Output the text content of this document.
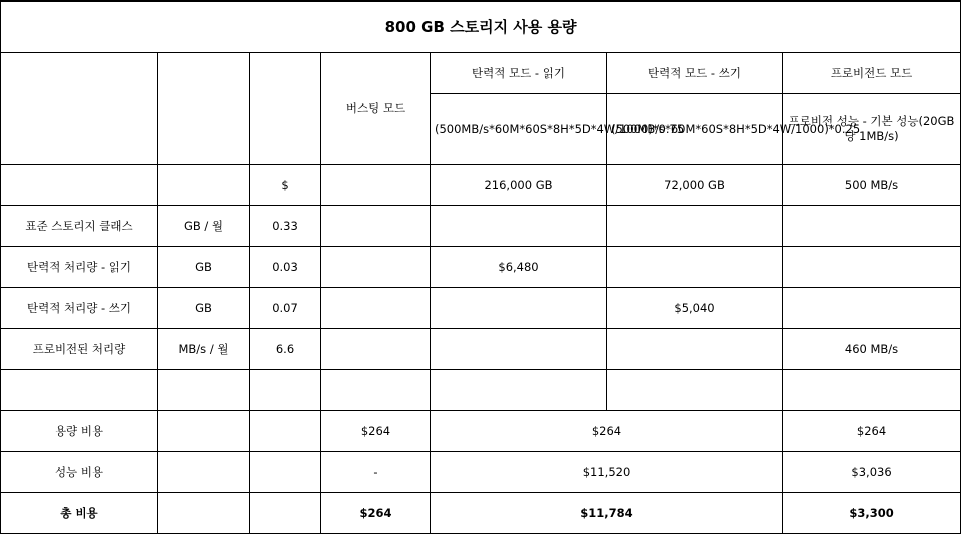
800 GB 스토리지 사용 용량						
			버스팅 모드	탄력적 모드 - 읽기	탄력적 모드 - 쓰기	프로비전드 모드
				(500MB/s*60M*60S*8H*5D*4W/1000)*0.75	(500MB/s*60M*60S*8H*5D*4W/1000)*0.25	프로비전 성능 - 기본 성능(20GB당 1MB/s)
		$		216,000 GB	72,000 GB	500 MB/s
표준 스토리지 클래스	GB / 월	0.33				
탄력적 처리량 - 읽기	GB	0.03		$6,480		
탄력적 처리량 - 쓰기	GB	0.07			$5,040	
프로비전된 처리량	MB/s / 월	6.6				460 MB/s

용량 비용			$264	$264		$264
성능 비용			-	$11,520		$3,036
총 비용			$264	$11,784		$3,300
